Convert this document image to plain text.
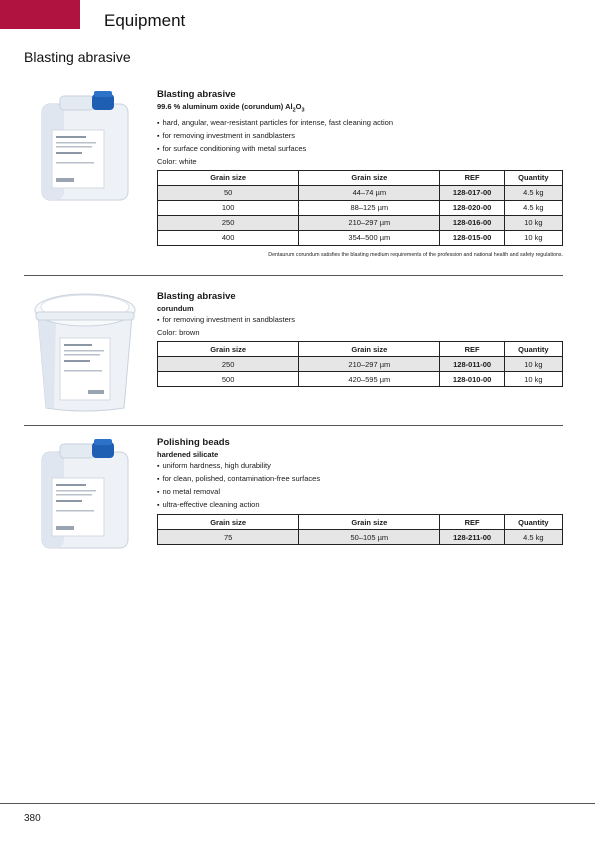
Equipment
Blasting abrasive
Blasting abrasive
99.6 % aluminum oxide (corundum) $Al_2O_3$
▪ hard, angular, wear-resistant particles for intense, fast cleaning action
▪ for removing investment in sandblasters
▪ for surface conditioning with metal surfaces
Color: white
Grain size	Grain size	REF	Quantity
50	44–74 µm	128-017-00	4.5 kg
100	88–125 µm	128-020-00	4.5 kg
250	210–297 µm	128-016-00	10 kg
400	354–500 µm	128-015-00	10 kg
Dentaurum corundum satisfies the blasting medium requirements of the profession and national health and safety regulations.
Blasting abrasive
corundum
▪ for removing investment in sandblasters
Color: brown
Grain size	Grain size	REF	Quantity
250	210–297 µm	128-011-00	10 kg
500	420–595 µm	128-010-00	10 kg
Polishing beads
hardened silicate
▪ uniform hardness, high durability
▪ for clean, polished, contamination-free surfaces
▪ no metal removal
▪ ultra-effective cleaning action
Grain size	Grain size	REF	Quantity
75	50–105 µm	128-211-00	4.5 kg
380
